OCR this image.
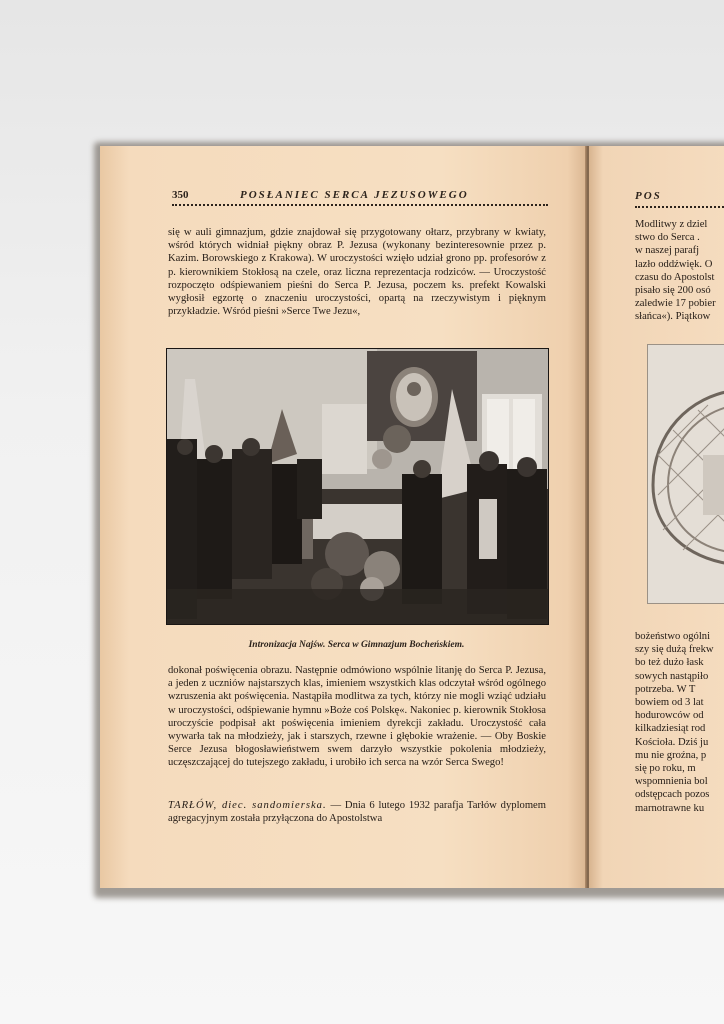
350	POSŁANIEC SERCA JEZUSOWEGO

się w auli gimnazjum, gdzie znajdował się przygotowany ołtarz, przybrany w kwiaty, wśród których widniał piękny obraz P. Jezusa (wykonany bezinteresownie przez p. Kazim. Borowskiego z Krakowa). W uroczystości wzięło udział grono pp. profesorów z p. kierownikiem Stokłosą na czele, oraz liczna reprezentacja rodziców. — Uroczystość rozpoczęto odśpiewaniem pieśni do Serca P. Jezusa, poczem ks. prefekt Kowalski wygłosił egzortę o znaczeniu uroczystości, opartą na rzeczywistym i pięknym przykładzie. Wśród pieśni »Serce Twe Jezu«,

Intronizacja Najśw. Serca w Gimnazjum Bocheńskiem.

dokonał poświęcenia obrazu. Następnie odmówiono wspólnie litanję do Serca P. Jezusa, a jeden z uczniów najstarszych klas, imieniem wszystkich klas odczytał wśród ogólnego wzruszenia akt poświęcenia. Nastąpiła modlitwa za tych, którzy nie mogli wziąć udziału w uroczystości, odśpiewanie hymnu »Boże coś Polskę«. Nakoniec p. kierownik Stokłosa uroczyście podpisał akt poświęcenia imieniem dyrekcji zakładu. Uroczystość cała wywarła tak na młodzieży, jak i starszych, rzewne i głębokie wrażenie. — Oby Boskie Serce Jezusa błogosławieństwem swem darzyło wszystkie pokolenia młodzieży, uczęszczającej do tutejszego zakładu, i urobiło ich serca na wzór Serca Swego!

TARŁÓW, diec. sandomierska. — Dnia 6 lutego 1932 parafja Tarłów dyplomem agregacyjnym została przyłączona do Apostolstwa

POS
Modlitwy z dziel
stwo do Serca .
w naszej parafj
lazło oddźwięk. O
czasu do Apostolst
pisało się 200 osó
zaledwie 17 pobier
słańca«). Piątkow
bożeństwo ogólni
szy się dużą frekw
bo też dużo łask
sowych nastąpiło
potrzeba. W T
bowiem od 3 lat
hodurowców od
kilkadziesiąt rod
Kościoła. Dziś ju
mu nie groźna, p
się po roku, m
wspomnienia bol
odstępcach pozos
marnotrawne ku
